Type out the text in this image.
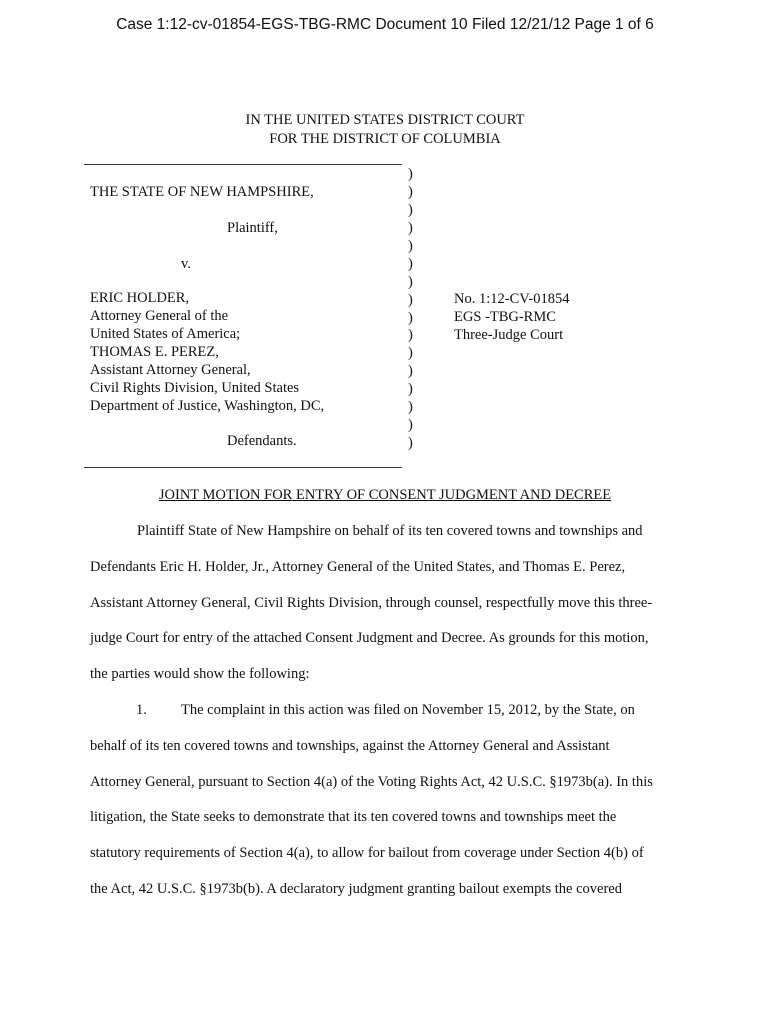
Case 1:12-cv-01854-EGS-TBG-RMC Document 10 Filed 12/21/12 Page 1 of 6
IN THE UNITED STATES DISTRICT COURT
FOR THE DISTRICT OF COLUMBIA
THE STATE OF NEW HAMPSHIRE,
Plaintiff,
v.
ERIC HOLDER,
Attorney General of the
United States of America;
THOMAS E. PEREZ,
Assistant Attorney General,
Civil Rights Division, United States
Department of Justice, Washington, DC,
Defendants.
)
)
)
)
)
)
)
)
)
)
)
)
)
)
)
)
No. 1:12-CV-01854
EGS -TBG-RMC
Three-Judge Court
JOINT MOTION FOR ENTRY OF CONSENT JUDGMENT AND DECREE
Plaintiff State of New Hampshire on behalf of its ten covered towns and townships and
Defendants Eric H. Holder, Jr., Attorney General of the United States, and Thomas E. Perez,
Assistant Attorney General, Civil Rights Division, through counsel, respectfully move this three-
judge Court for entry of the attached Consent Judgment and Decree. As grounds for this motion,
the parties would show the following:
1. The complaint in this action was filed on November 15, 2012, by the State, on
behalf of its ten covered towns and townships, against the Attorney General and Assistant
Attorney General, pursuant to Section 4(a) of the Voting Rights Act, 42 U.S.C. §1973b(a). In this
litigation, the State seeks to demonstrate that its ten covered towns and townships meet the
statutory requirements of Section 4(a), to allow for bailout from coverage under Section 4(b) of
the Act, 42 U.S.C. §1973b(b). A declaratory judgment granting bailout exempts the covered
